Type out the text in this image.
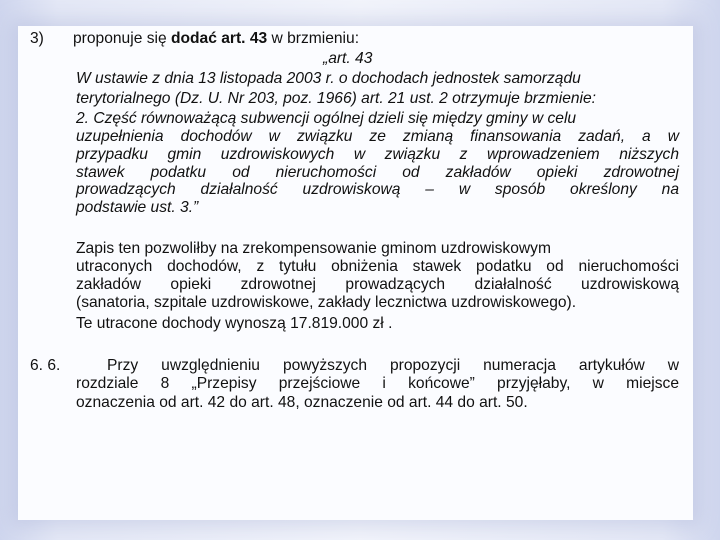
3) proponuje się dodać art. 43 w brzmieniu:
„art. 43
W ustawie z dnia 13 listopada 2003 r. o dochodach jednostek samorządu
terytorialnego (Dz. U. Nr 203, poz. 1966) art. 21 ust. 2 otrzymuje brzmienie:
2. Część równoważącą subwencji ogólnej dzieli się między gminy w celu
uzupełnienia dochodów w związku ze zmianą finansowania zadań, a w
przypadku gmin uzdrowiskowych w związku z wprowadzeniem niższych
stawek podatku od nieruchomości od zakładów opieki zdrowotnej
prowadzących działalność uzdrowiskową – w sposób określony na
podstawie ust. 3.”
Zapis ten pozwoliłby na zrekompensowanie gminom uzdrowiskowym
utraconych dochodów, z tytułu obniżenia stawek podatku od nieruchomości
zakładów opieki zdrowotnej prowadzących działalność uzdrowiskową
(sanatoria, szpitale uzdrowiskowe, zakłady lecznictwa uzdrowiskowego).
Te utracone dochody wynoszą 17.819.000 zł .
6. 6.	Przy uwzględnieniu powyższych propozycji numeracja artykułów w
rozdziale 8 „Przepisy przejściowe i końcowe” przyjęłaby, w miejsce
oznaczenia od art. 42 do art. 48, oznaczenie od art. 44 do art. 50.
